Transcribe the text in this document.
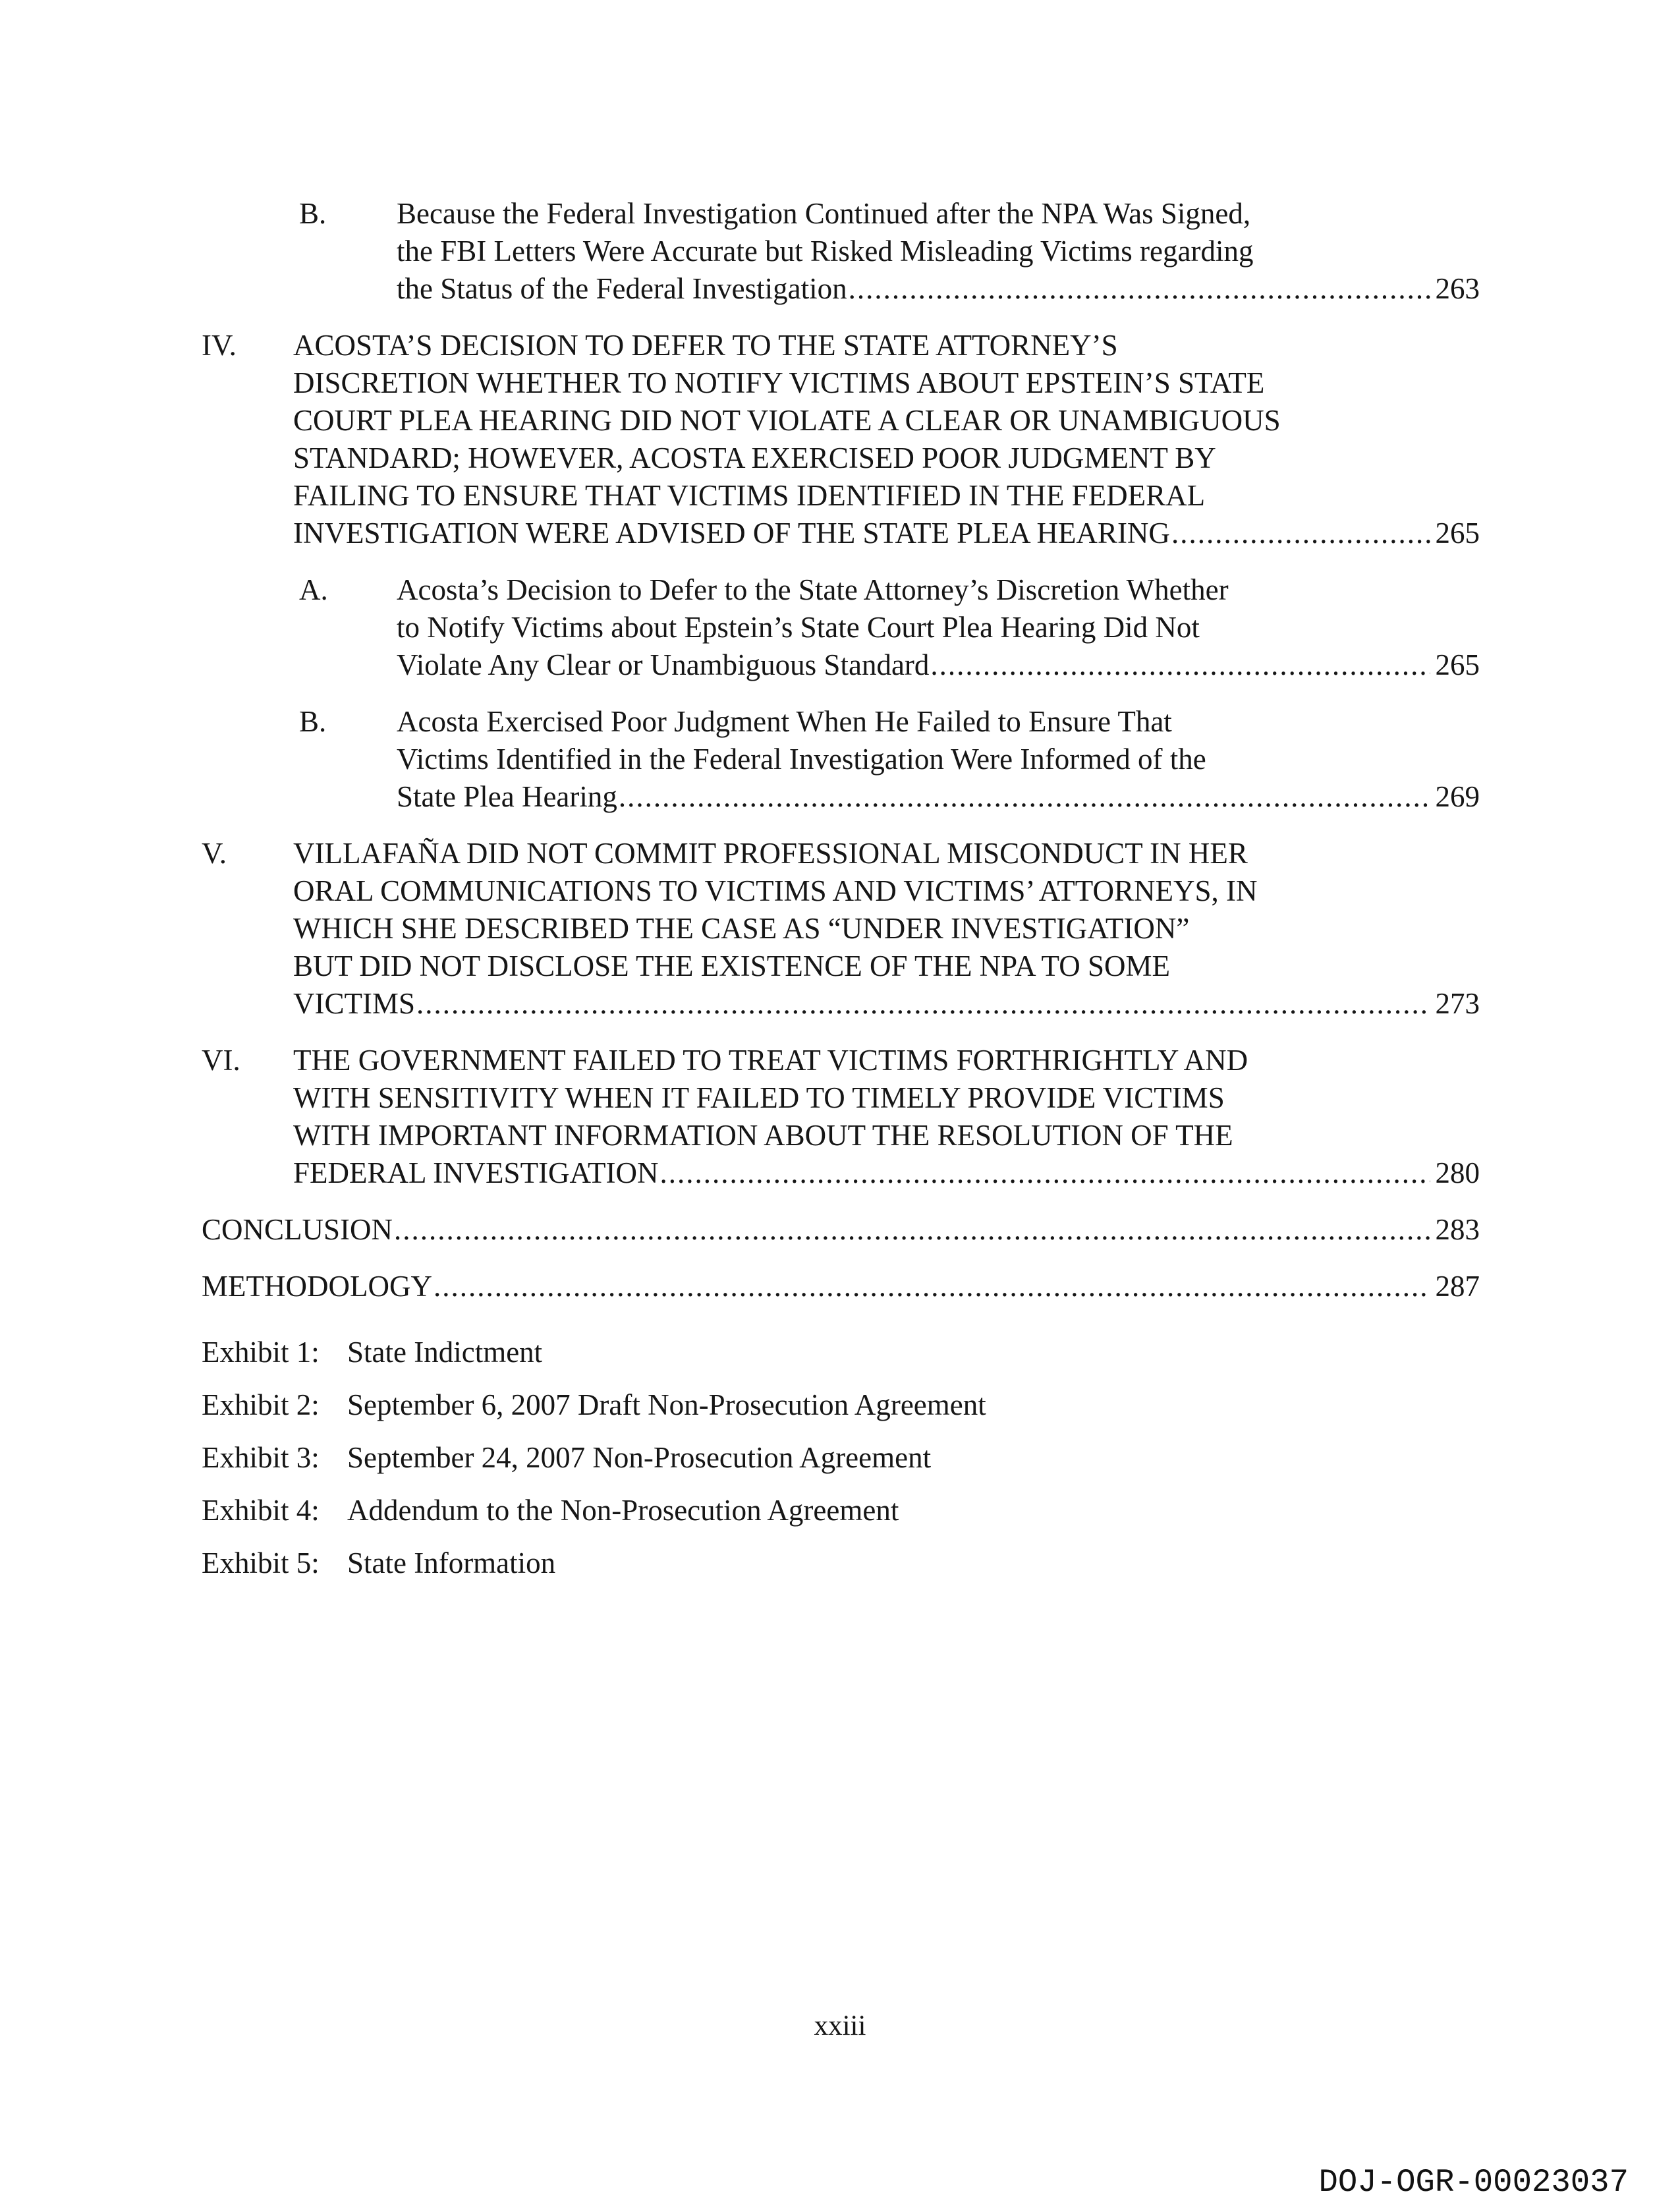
B.	Because the Federal Investigation Continued after the NPA Was Signed,
the FBI Letters Were Accurate but Risked Misleading Victims regarding
the Status of the Federal Investigation .....	263
IV.	ACOSTA’S DECISION TO DEFER TO THE STATE ATTORNEY’S
DISCRETION WHETHER TO NOTIFY VICTIMS ABOUT EPSTEIN’S STATE
COURT PLEA HEARING DID NOT VIOLATE A CLEAR OR UNAMBIGUOUS
STANDARD; HOWEVER, ACOSTA EXERCISED POOR JUDGMENT BY
FAILING TO ENSURE THAT VICTIMS IDENTIFIED IN THE FEDERAL
INVESTIGATION WERE ADVISED OF THE STATE PLEA HEARING .....	265
A.	Acosta’s Decision to Defer to the State Attorney’s Discretion Whether
to Notify Victims about Epstein’s State Court Plea Hearing Did Not
Violate Any Clear or Unambiguous Standard .....	265
B.	Acosta Exercised Poor Judgment When He Failed to Ensure That
Victims Identified in the Federal Investigation Were Informed of the
State Plea Hearing .....	269
V.	VILLAFAÑA DID NOT COMMIT PROFESSIONAL MISCONDUCT IN HER
ORAL COMMUNICATIONS TO VICTIMS AND VICTIMS’ ATTORNEYS, IN
WHICH SHE DESCRIBED THE CASE AS “UNDER INVESTIGATION”
BUT DID NOT DISCLOSE THE EXISTENCE OF THE NPA TO SOME
VICTIMS .....	273
VI.	THE GOVERNMENT FAILED TO TREAT VICTIMS FORTHRIGHTLY AND
WITH SENSITIVITY WHEN IT FAILED TO TIMELY PROVIDE VICTIMS
WITH IMPORTANT INFORMATION ABOUT THE RESOLUTION OF THE
FEDERAL INVESTIGATION .....	280
CONCLUSION .....	283
METHODOLOGY .....	287
Exhibit 1: State Indictment
Exhibit 2: September 6, 2007 Draft Non-Prosecution Agreement
Exhibit 3: September 24, 2007 Non-Prosecution Agreement
Exhibit 4: Addendum to the Non-Prosecution Agreement
Exhibit 5: State Information
xxiii
DOJ-OGR-00023037
